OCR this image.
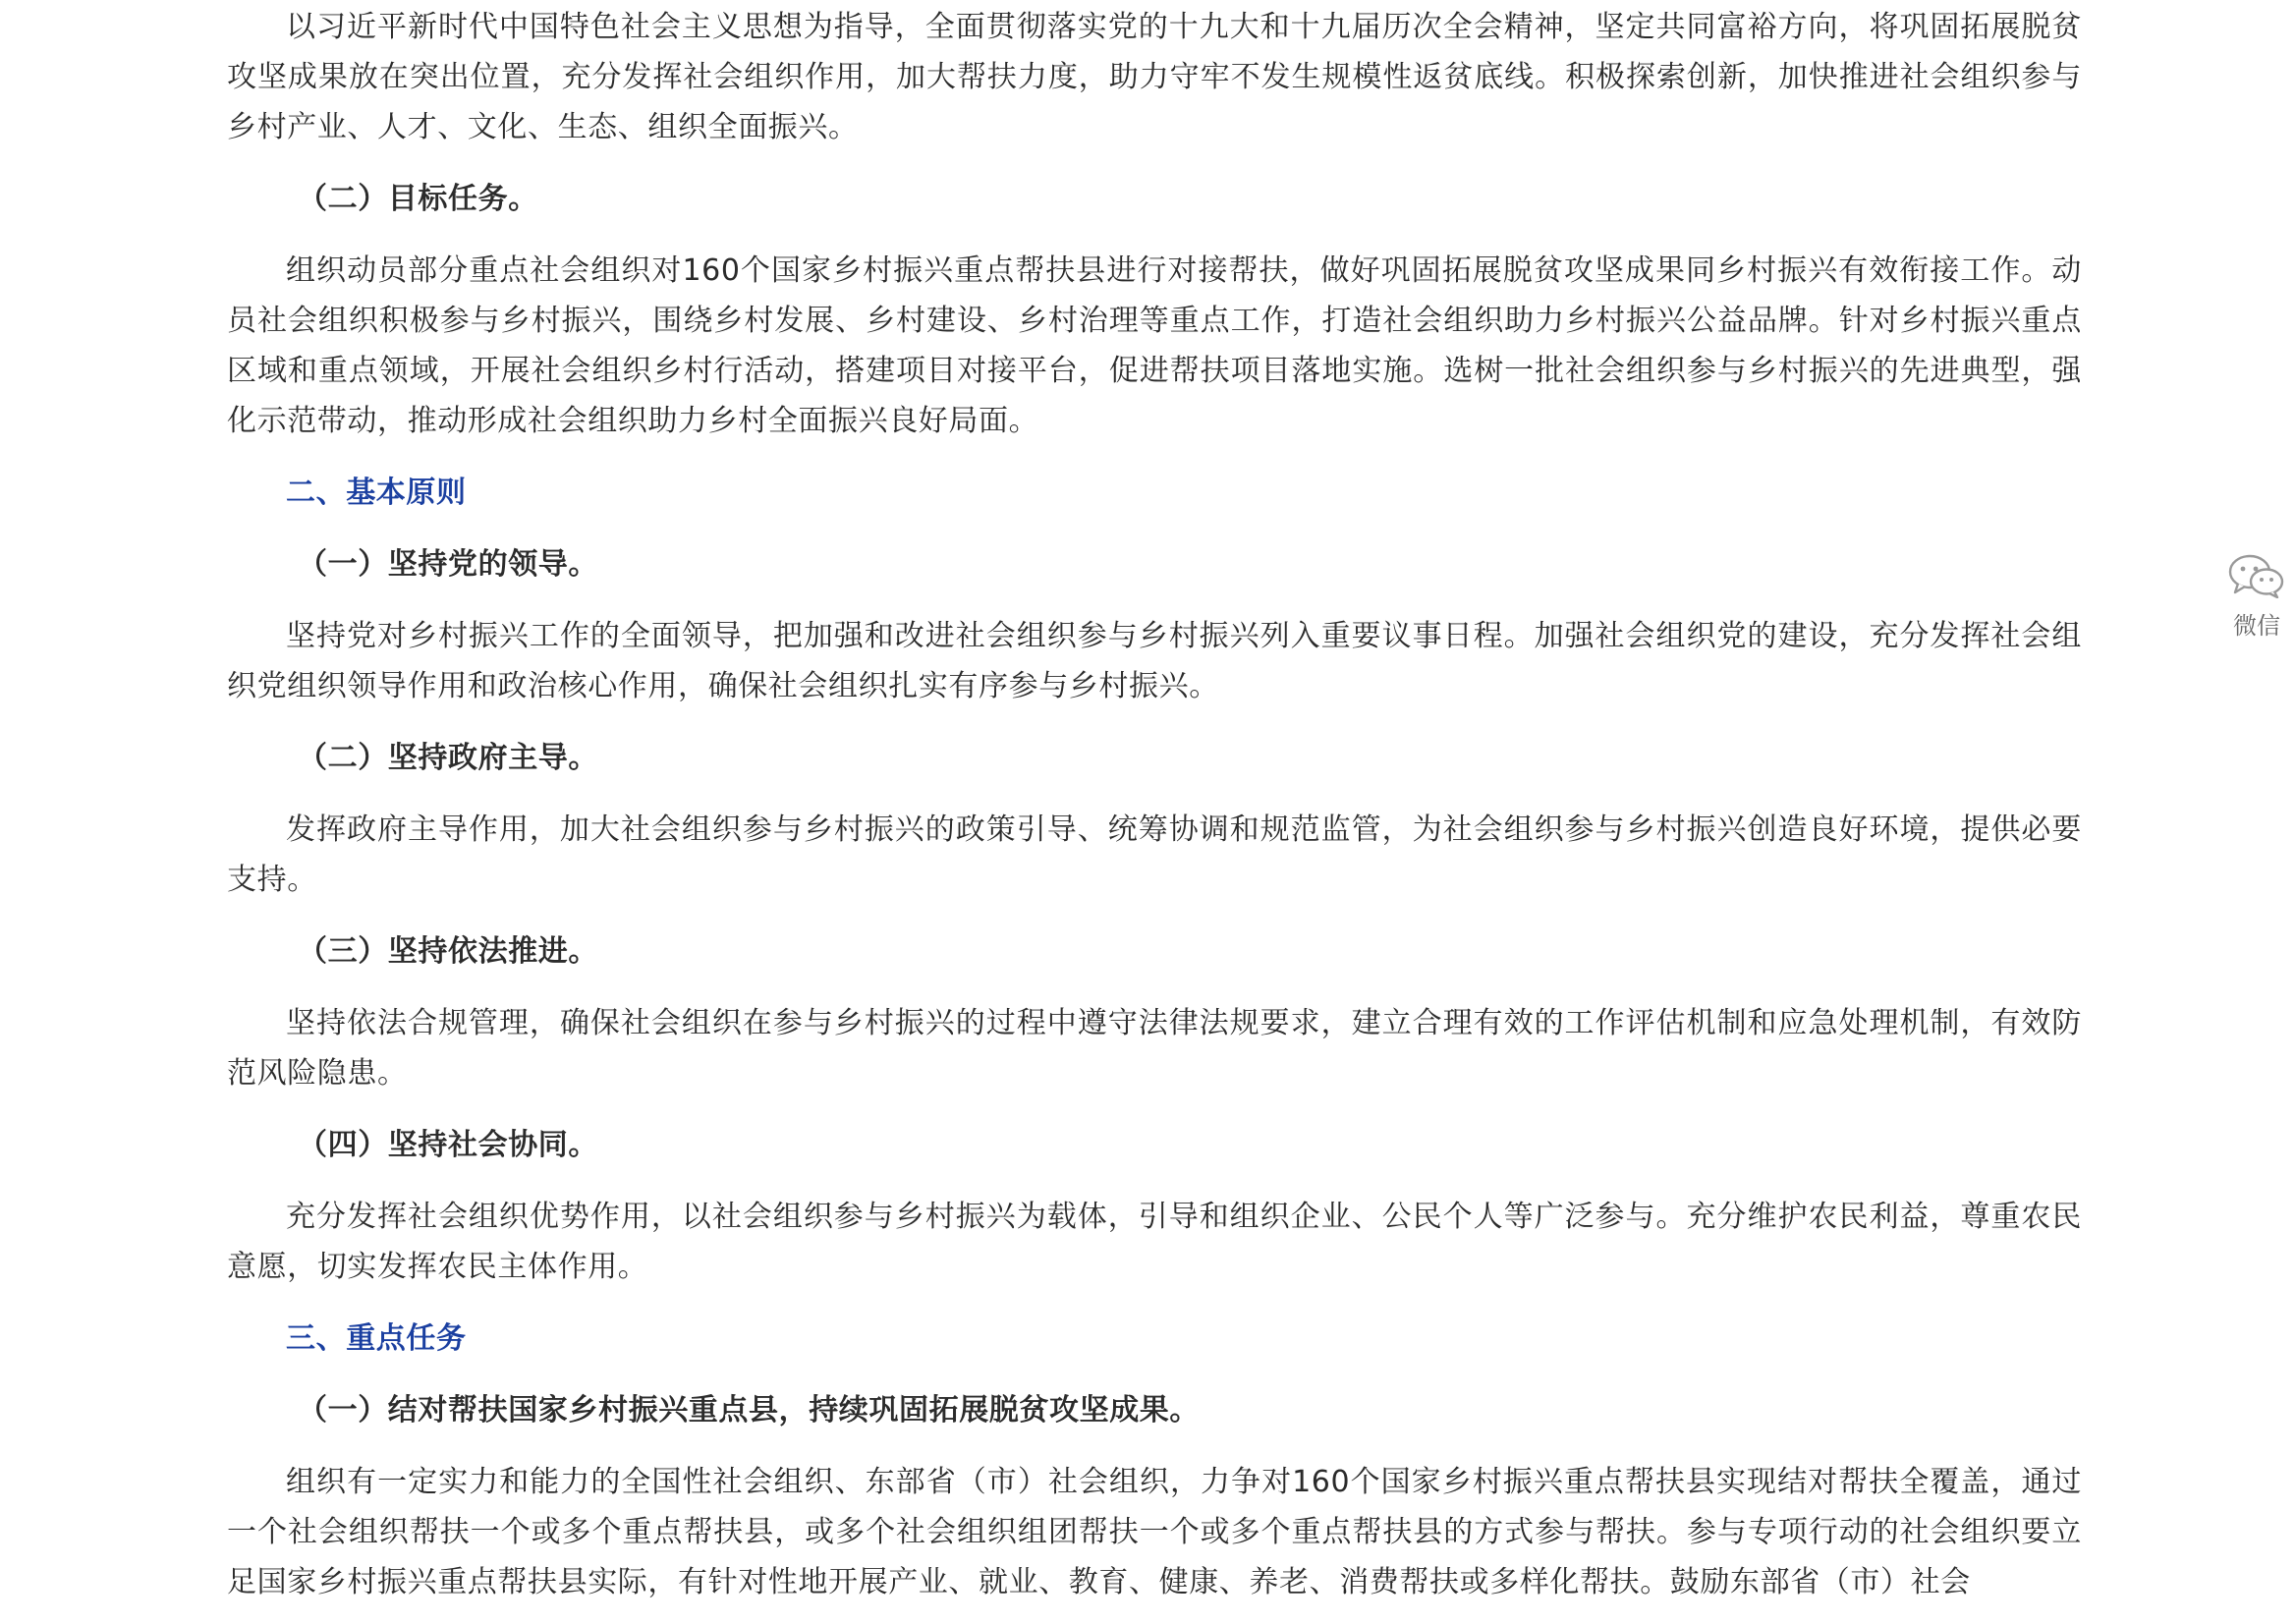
以习近平新时代中国特色社会主义思想为指导，全面贯彻落实党的十九大和十九届历次全会精神，坚定共同富裕方向，将巩固拓展脱贫攻坚成果放在突出位置，充分发挥社会组织作用，加大帮扶力度，助力守牢不发生规模性返贫底线。积极探索创新，加快推进社会组织参与乡村产业、人才、文化、生态、组织全面振兴。

（二）目标任务。

组织动员部分重点社会组织对160个国家乡村振兴重点帮扶县进行对接帮扶，做好巩固拓展脱贫攻坚成果同乡村振兴有效衔接工作。动员社会组织积极参与乡村振兴，围绕乡村发展、乡村建设、乡村治理等重点工作，打造社会组织助力乡村振兴公益品牌。针对乡村振兴重点区域和重点领域，开展社会组织乡村行活动，搭建项目对接平台，促进帮扶项目落地实施。选树一批社会组织参与乡村振兴的先进典型，强化示范带动，推动形成社会组织助力乡村全面振兴良好局面。

二、基本原则

（一）坚持党的领导。

坚持党对乡村振兴工作的全面领导，把加强和改进社会组织参与乡村振兴列入重要议事日程。加强社会组织党的建设，充分发挥社会组织党组织领导作用和政治核心作用，确保社会组织扎实有序参与乡村振兴。

（二）坚持政府主导。

发挥政府主导作用，加大社会组织参与乡村振兴的政策引导、统筹协调和规范监管，为社会组织参与乡村振兴创造良好环境，提供必要支持。

（三）坚持依法推进。

坚持依法合规管理，确保社会组织在参与乡村振兴的过程中遵守法律法规要求，建立合理有效的工作评估机制和应急处理机制，有效防范风险隐患。

（四）坚持社会协同。

充分发挥社会组织优势作用，以社会组织参与乡村振兴为载体，引导和组织企业、公民个人等广泛参与。充分维护农民利益，尊重农民意愿，切实发挥农民主体作用。

三、重点任务

（一）结对帮扶国家乡村振兴重点县，持续巩固拓展脱贫攻坚成果。

组织有一定实力和能力的全国性社会组织、东部省（市）社会组织，力争对160个国家乡村振兴重点帮扶县实现结对帮扶全覆盖，通过一个社会组织帮扶一个或多个重点帮扶县，或多个社会组织组团帮扶一个或多个重点帮扶县的方式参与帮扶。参与专项行动的社会组织要立足国家乡村振兴重点帮扶县实际，有针对性地开展产业、就业、教育、健康、养老、消费帮扶或多样化帮扶。鼓励东部省（市）社会

微信
